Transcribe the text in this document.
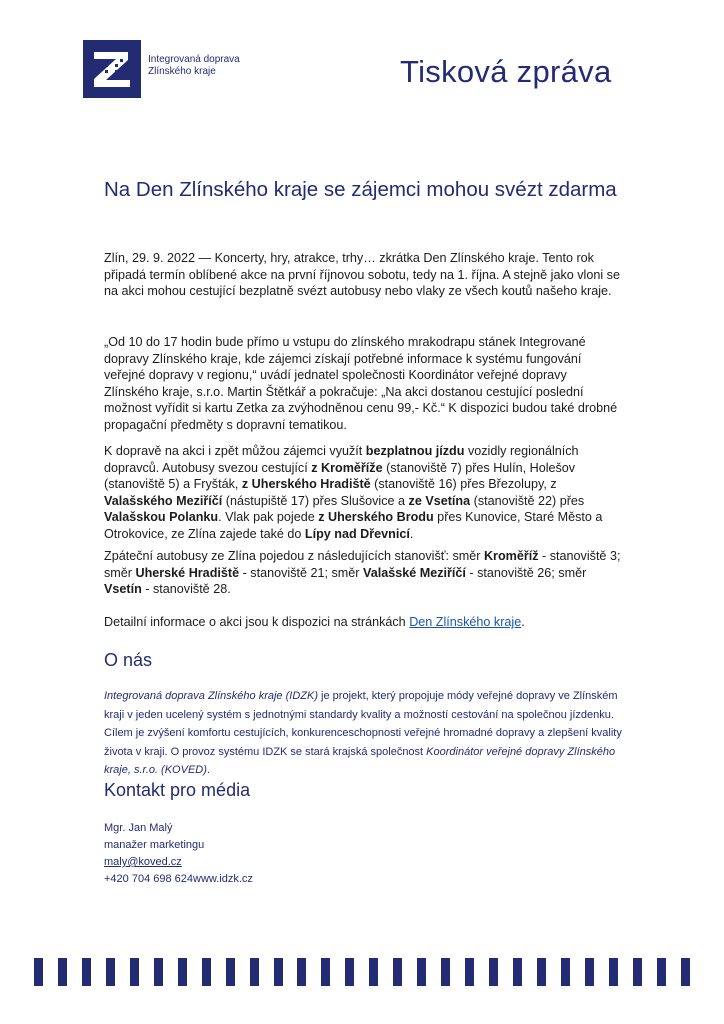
Integrovaná doprava
Zlínského kraje	Tisková zpráva
Na Den Zlínského kraje se zájemci mohou svézt zdarma

Zlín, 29. 9. 2022 — Koncerty, hry, atrakce, trhy… zkrátka Den Zlínského kraje. Tento rok připadá termín oblíbené akce na první říjnovou sobotu, tedy na 1. října. A stejně jako vloni se na akci mohou cestující bezplatně svézt autobusy nebo vlaky ze všech koutů našeho kraje.

„Od 10 do 17 hodin bude přímo u vstupu do zlínského mrakodrapu stánek Integrované dopravy Zlínského kraje, kde zájemci získají potřebné informace k systému fungování veřejné dopravy v regionu,“ uvádí jednatel společnosti Koordinátor veřejné dopravy Zlínského kraje, s.r.o. Martin Štětkář a pokračuje: „Na akci dostanou cestující poslední možnost vyřídit si kartu Zetka za zvýhodněnou cenu 99,- Kč.“ K dispozici budou také drobné propagační předměty s dopravní tematikou.

K dopravě na akci i zpět můžou zájemci využít bezplatnou jízdu vozidly regionálních dopravců. Autobusy svezou cestující z Kroměříže (stanoviště 7) přes Hulín, Holešov (stanoviště 5) a Fryšták, z Uherského Hradiště (stanoviště 16) přes Březolupy, z Valašského Meziříčí (nástupiště 17) přes Slušovice a ze Vsetína (stanoviště 22) přes Valašskou Polanku. Vlak pak pojede z Uherského Brodu přes Kunovice, Staré Město a Otrokovice, ze Zlína zajede také do Lípy nad Dřevnicí.

Zpáteční autobusy ze Zlína pojedou z následujících stanovišť: směr Kroměříž - stanoviště 3; směr Uherské Hradiště - stanoviště 21; směr Valašské Meziříčí - stanoviště 26; směr Vsetín - stanoviště 28.

Detailní informace o akci jsou k dispozici na stránkách Den Zlínského kraje.

O nás

Integrovaná doprava Zlínského kraje (IDZK) je projekt, který propojuje módy veřejné dopravy ve Zlínském kraji v jeden ucelený systém s jednotnými standardy kvality a možností cestování na společnou jízdenku. Cílem je zvýšení komfortu cestujících, konkurenceschopnosti veřejné hromadné dopravy a zlepšení kvality života v kraji. O provoz systému IDZK se stará krajská společnost Koordinátor veřejné dopravy Zlínského kraje, s.r.o. (KOVED).

Kontakt pro média
Mgr. Jan Malý
manažer marketingu
maly@koved.cz
+420 704 698 624www.idzk.cz
